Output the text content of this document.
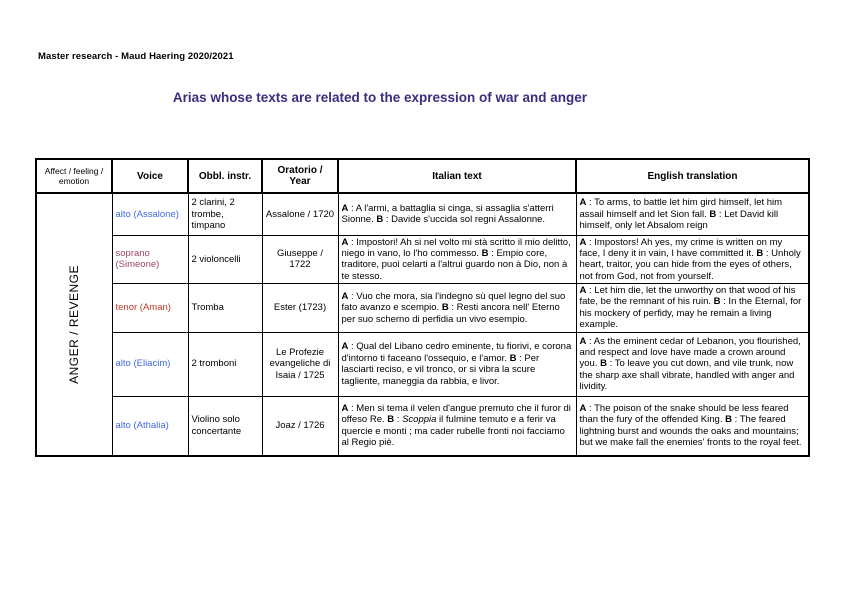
Master research - Maud Haering 2020/2021
Arias whose texts are related to the expression of war and anger
Affect / feeling / emotion	Voice	Obbl. instr.	Oratorio / Year	Italian text	English translation

ANGER / REVENGE	alto (Assalone)	2 clarini, 2 trombe, timpano	Assalone / 1720	A : A l'armi, a battaglia si cinga, si assaglia s'atterri Sionne. B : Davide s'uccida sol regni Assalonne.	A : To arms, to battle let him gird himself, let him assail himself and let Sion fall. B : Let David kill himself, only let Absalom reign
	soprano (Simeone)	2 violoncelli	Giuseppe / 1722	A : Impostori! Ah si nel volto mi stà scritto il mio delitto, niego in vano, lo l'ho commesso. B : Empio core, traditore, puoi celarti a l'altrui guardo non à Dio, non à te stesso.	A : Impostors! Ah yes, my crime is written on my face, I deny it in vain, I have committed it. B : Unholy heart, traitor, you can hide from the eyes of others, not from God, not from yourself.
	tenor (Aman)	Tromba	Ester (1723)	A : Vuo che mora, sia l'indegno sù quel legno del suo fato avanzo e scempio. B : Resti ancora nell' Eterno per suo scherno di perfidia un vivo esempio.	A : Let him die, let the unworthy on that wood of his fate, be the remnant of his ruin. B : In the Eternal, for his mockery of perfidy, may he remain a living example.
	alto (Eliacim)	2 tromboni	Le Profezie evangeliche di Isaia / 1725	A : Qual del Libano cedro eminente, tu fiorivi, e corona d'intorno ti faceano l'ossequio, e l'amor. B : Per lasciarti reciso, e vil tronco, or si vibra la scure tagliente, maneggia da rabbia, e livor.	A : As the eminent cedar of Lebanon, you flourished, and respect and love have made a crown around you. B : To leave you cut down, and vile trunk, now the sharp axe shall vibrate, handled with anger and lividity.
	alto (Athalia)	Violino solo concertante	Joaz / 1726	A : Men si tema il velen d'angue premuto che il furor di offeso Re. B : Scoppia il fulmine temuto e a ferir va quercie e monti ; ma cader rubelle fronti noi facciamo al Regio piè.	A : The poison of the snake should be less feared than the fury of the offended King. B : The feared lightning burst and wounds the oaks and mountains; but we make fall the enemies' fronts to the royal feet.
